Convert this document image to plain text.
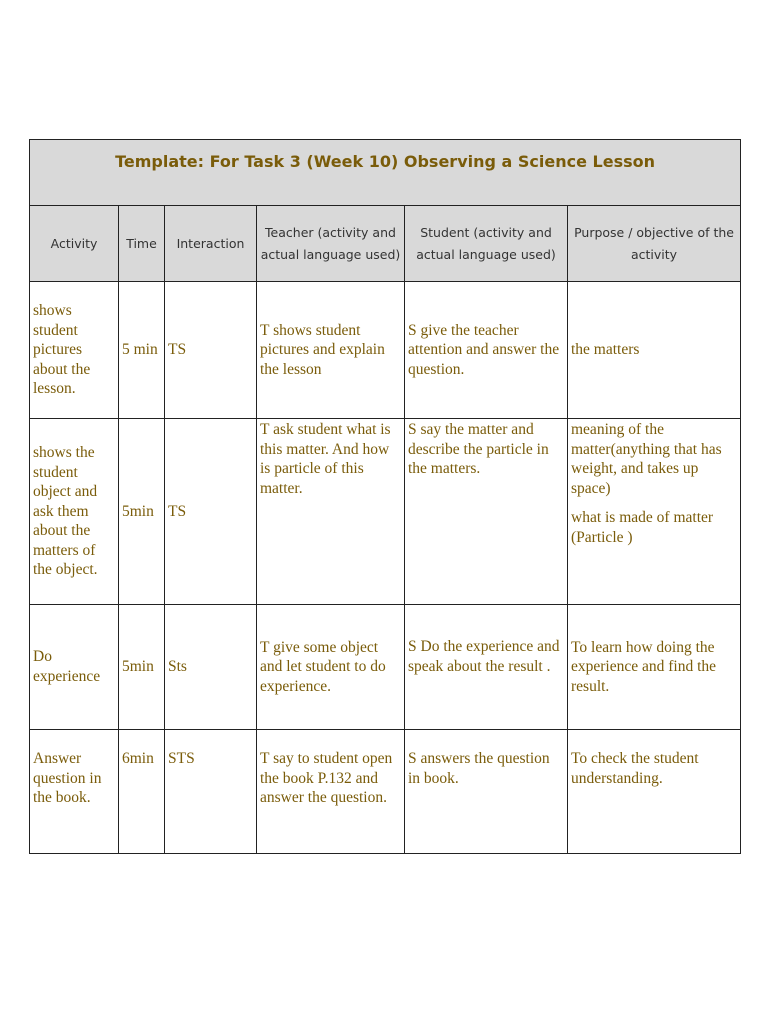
Template: For Task 3 (Week 10) Observing a Science Lesson					
Activity	Time	Interaction	Teacher (activity and actual language used)	Student (activity and actual language used)	Purpose / objective of the activity
shows student pictures about the lesson.	5 min	TS	T shows student pictures and explain the lesson	S give the teacher attention and answer the question.	the matters
shows the student object and ask them about the matters of the object.	5min	TS	T ask student what is this matter. And how is particle of this matter.	S say the matter and describe the particle in the matters.	meaning of the matter(anything that has weight, and takes up space)
what is made of matter (Particle )

Do experience	5min	Sts	T give some object and let student to do experience.	S Do the experience and speak about the result .	To learn how doing the experience and find the result.
Answer question in the book.	6min	STS	T say to student open the book P.132 and answer the question.	S answers the question in book.	To check the student understanding.
